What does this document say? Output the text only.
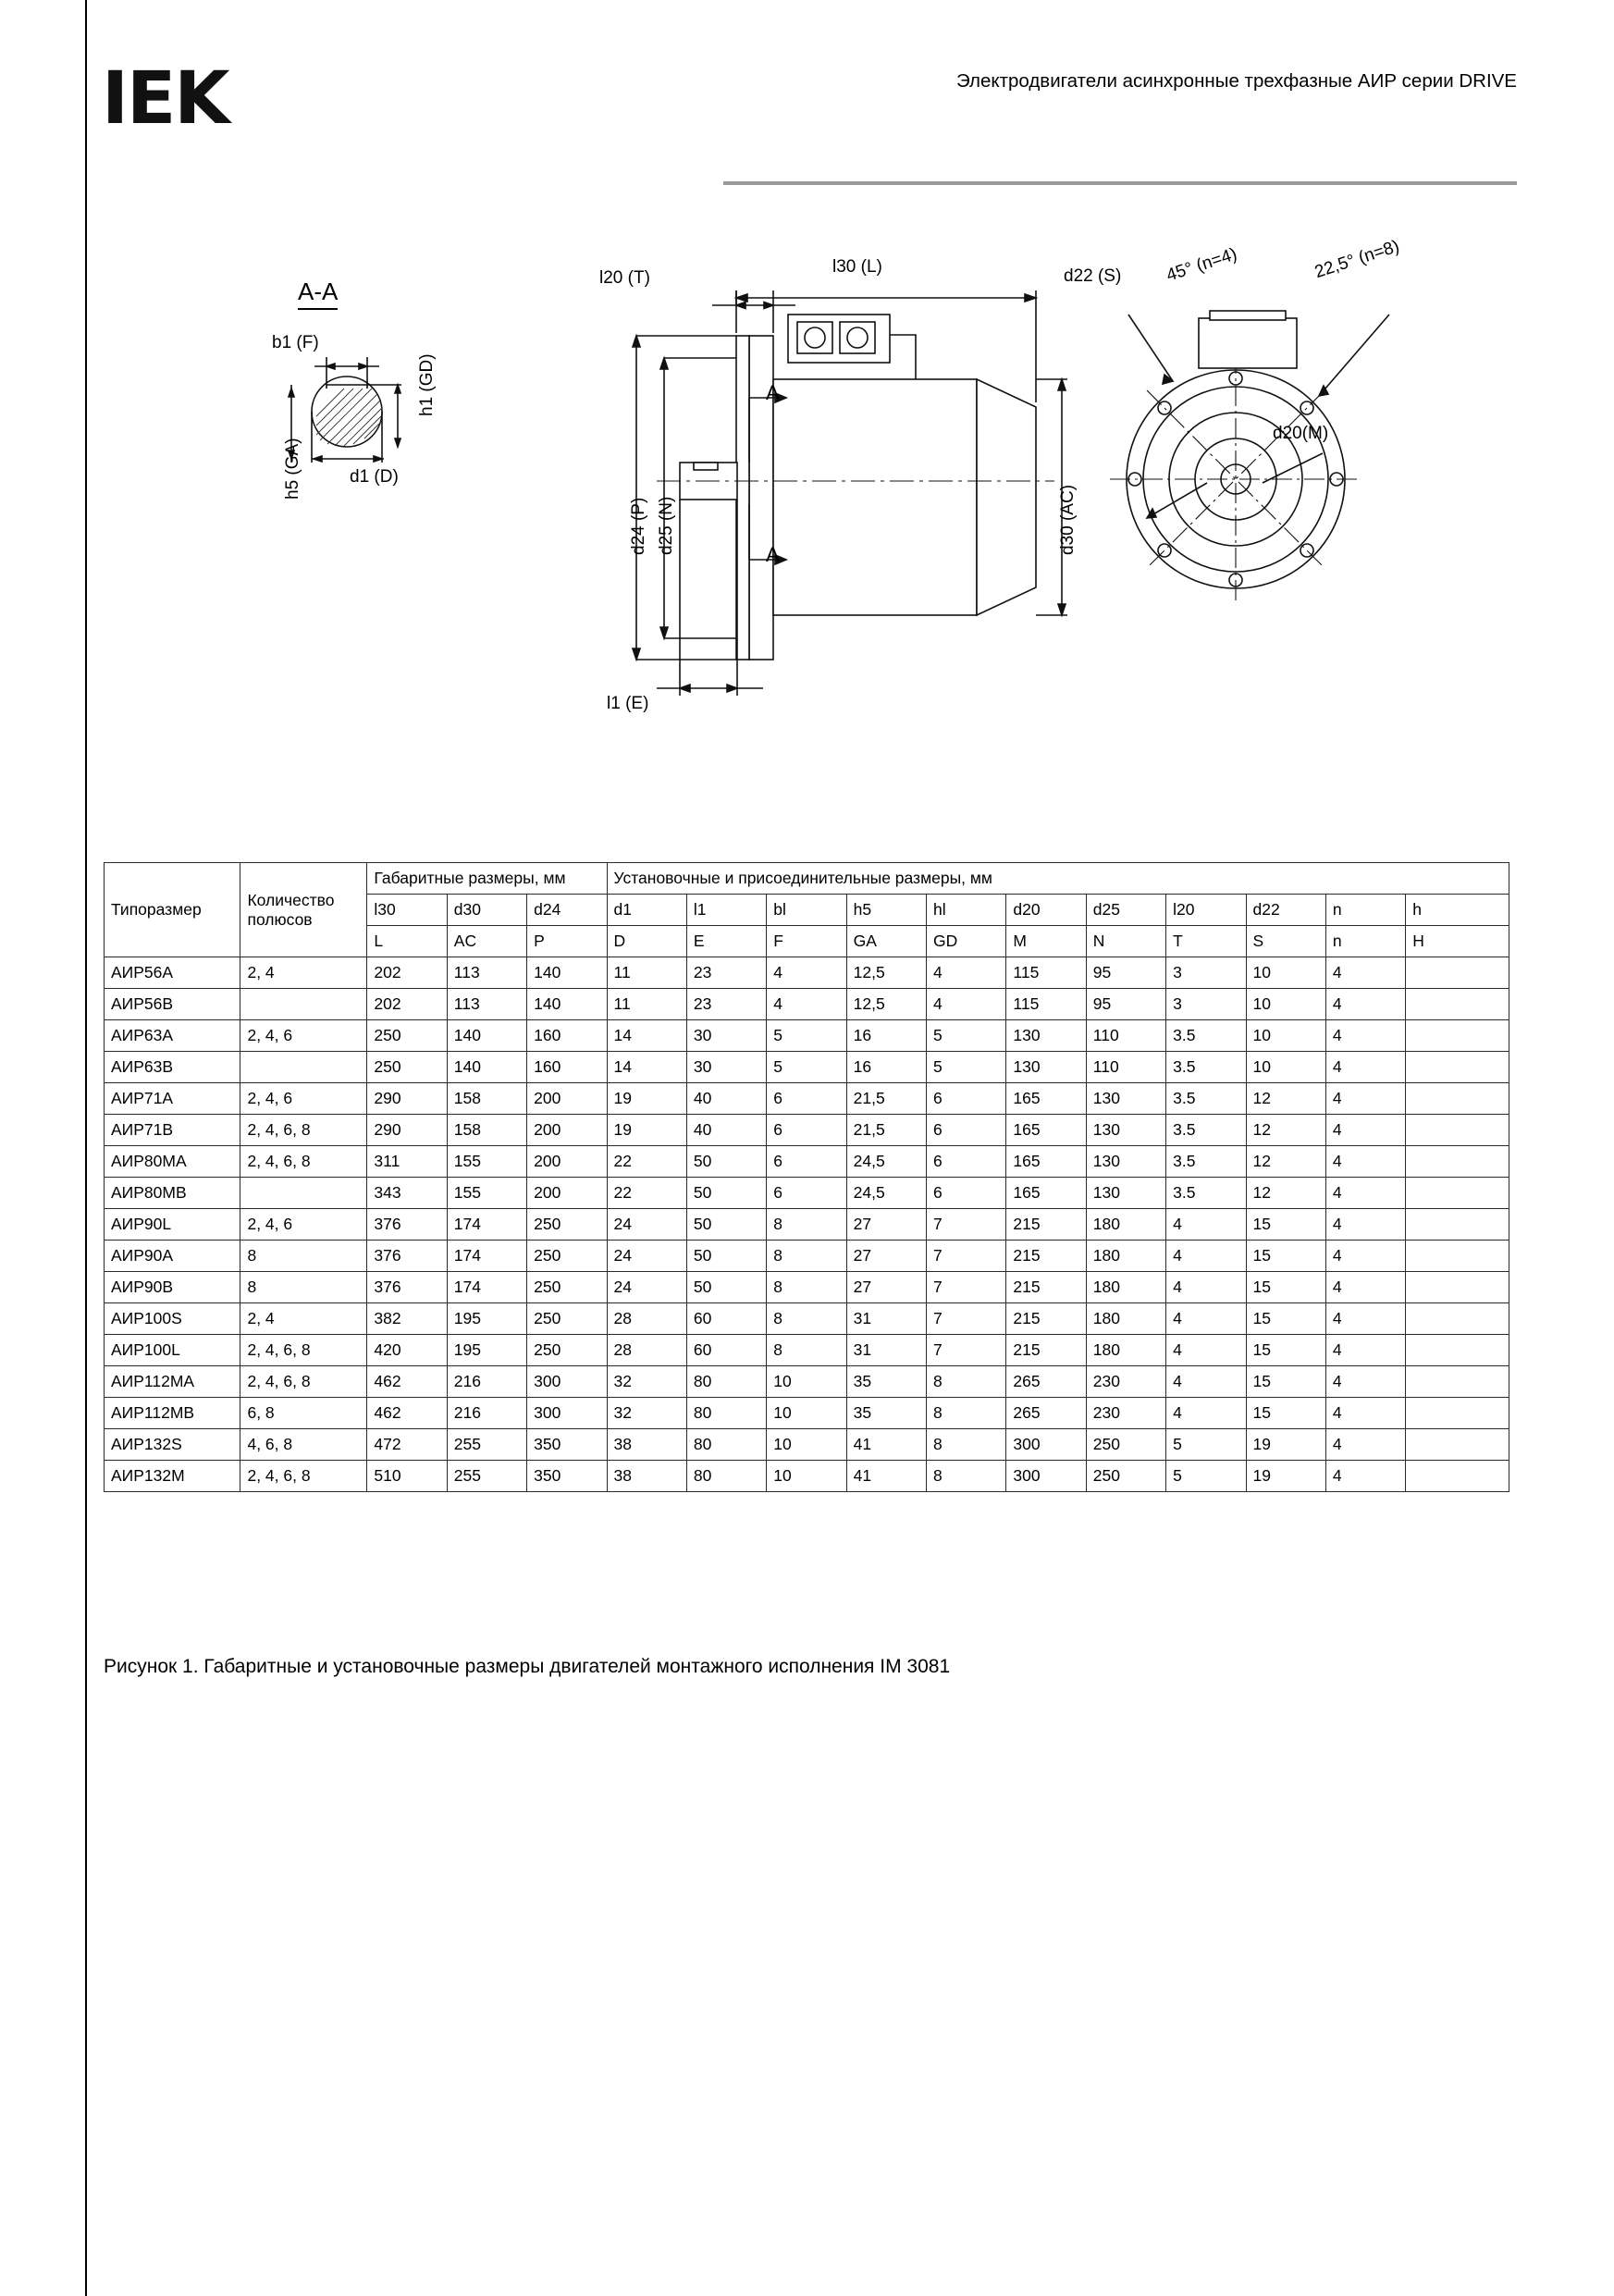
IEK	Электродвигатели асинхронные трехфазные АИР серии DRIVE
A-A
b1 (F)
h1 (GD)
h5 (GA)	d1 (D)
l20 (T)
l30 (L)
d24 (P) d25 (N)	d30 (AC)
l1 (E)
d22 (S) 45° (n=4)	22,5° (n=8)
d20(M)
A
A
Типоразмер	Количество полюсов	Габаритные размеры, мм			Установочные и присоединительные размеры, мм										
		l30	d30	d24	d1	l1	bl	h5	hl	d20	d25	l20	d22	n	h
		L	AC	P	D	E	F	GA	GD	M	N	T	S	n	H
АИР56А	2, 4	202	113	140	11	23	4	12,5	4	115	95	3	10	4	
АИР56В		202	113	140	11	23	4	12,5	4	115	95	3	10	4	
АИР63А	2, 4, 6	250	140	160	14	30	5	16	5	130	110	3.5	10	4	
АИР63В		250	140	160	14	30	5	16	5	130	110	3.5	10	4	
АИР71А	2, 4, 6	290	158	200	19	40	6	21,5	6	165	130	3.5	12	4	
АИР71В	2, 4, 6, 8	290	158	200	19	40	6	21,5	6	165	130	3.5	12	4	
АИР80МА	2, 4, 6, 8	311	155	200	22	50	6	24,5	6	165	130	3.5	12	4	
АИР80МВ		343	155	200	22	50	6	24,5	6	165	130	3.5	12	4	
АИР90L	2, 4, 6	376	174	250	24	50	8	27	7	215	180	4	15	4	
АИР90А	8	376	174	250	24	50	8	27	7	215	180	4	15	4	
АИР90В	8	376	174	250	24	50	8	27	7	215	180	4	15	4	
АИР100S	2, 4	382	195	250	28	60	8	31	7	215	180	4	15	4	
АИР100L	2, 4, 6, 8	420	195	250	28	60	8	31	7	215	180	4	15	4	
АИР112МА	2, 4, 6, 8	462	216	300	32	80	10	35	8	265	230	4	15	4	
АИР112МВ	6, 8	462	216	300	32	80	10	35	8	265	230	4	15	4	
АИР132S	4, 6, 8	472	255	350	38	80	10	41	8	300	250	5	19	4	
АИР132М	2, 4, 6, 8	510	255	350	38	80	10	41	8	300	250	5	19	4	
Рисунок 1. Габаритные и установочные размеры двигателей монтажного исполнения IM 3081
